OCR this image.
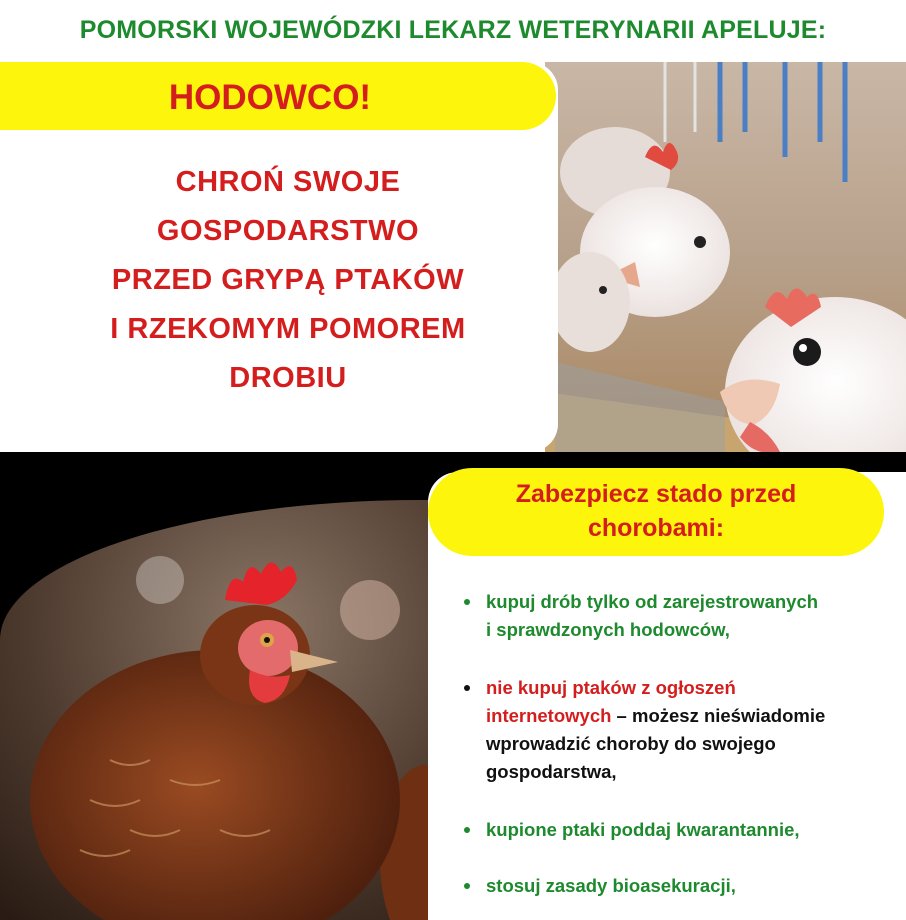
POMORSKI WOJEWÓDZKI LEKARZ WETERYNARII APELUJE:
HODOWCO!
CHROŃ SWOJE
GOSPODARSTWO
PRZED GRYPĄ PTAKÓW
I RZEKOMYM POMOREM
DROBIU
Zabezpiecz stado przed
chorobami:
kupuj drób tylko od zarejestrowanych
i sprawdzonych hodowców,
nie kupuj ptaków z ogłoszeń
internetowych – możesz nieświadomie
wprowadzić choroby do swojego
gospodarstwa,
kupione ptaki poddaj kwarantannie,
stosuj zasady bioasekuracji,
